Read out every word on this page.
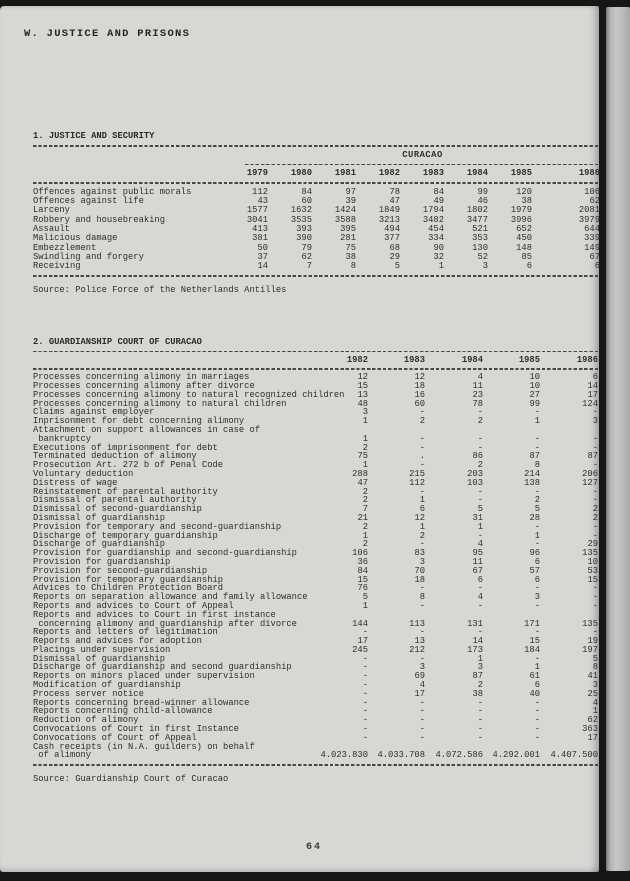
W. JUSTICE AND PRISONS
1. JUSTICE AND SECURITY
CURACAO
1979	1980	1981	1982	1983	1984	1985	1986
Offences against public morals	112	84	97	78	84	99	120	106
Offences against life	43	60	39	47	49	46	38	62
Larceny	1577	1632	1424	1849	1794	1802	1979	2081
Robbery and housebreaking	3041	3535	3588	3213	3482	3477	3996	3979
Assault	413	393	395	494	454	521	652	644
Malicious damage	381	390	281	377	334	353	450	339
Embezzlement	50	79	75	68	90	130	148	149
Swindling and forgery	37	62	38	29	32	52	85	67
Receiving	14	7	8	5	1	3	6	6
Source: Police Force of the Netherlands Antilles
2. GUARDIANSHIP COURT OF CURACAO
1982	1983	1984	1985	1986
Processes concerning alimony in marriages	12	12	4	10	6
Processes concerning alimony after divorce	15	18	11	10	14
Processes concerning alimony to natural recognized children	13	16	23	27	17
Processes concerning alimony to natural children	48	60	78	99	124
Claims against employer	3	-	-	-	-
Inprisonment for debt concerning alimony	1	2	2	1	3
Attachment on support allowances in case of
bankruptcy	1	-	-	-	-
Executions of imprisonment for debt	2	-	-	-	-
Terminated deduction of alimony	75	.	86	87	87
Prosecution Art. 272 b of Penal Code	1	-	2	8	-
Voluntary deduction	288	215	203	214	206
Distress of wage	47	112	103	138	127
Reinstatement of parental authority	2	-	-	-	-
Dismissal of parental authority	2	1	-	2	-
Dismissal of second-guardianship	7	6	5	5	2
Dismissal of guardianship	21	12	31	28	2
Provision for temporary and second-guardianship	2	1	1	-	-
Discharge of temporary guardianship	1	2	-	1	-
Discharge of guardianship	2	-	4	-	29
Provision for guardianship and second-guardianship	106	83	95	96	135
Provision for guardianship	36	3	11	6	10
Provision for second-guardianship	84	70	67	57	53
Provision for temporary guardianship	15	18	6	6	15
Advices to Children Protection Board	76	-	-	-	-
Reports on separation allowance and family allowance	5	8	4	3	-
Reports and advices to Court of Appeal	1	-	-	-	-
Reports and advices to Court in first instance
concerning alimony and guardianship after divorce	144	113	131	171	135
Reports and letters of legitimation	-	-	-	-	-
Reports and advices for adoption	17	13	14	15	19
Placings under supervision	245	212	173	184	197
Dismissal of guardianship	-	-	1	-	5
Discharge of guardianship and second guardianship	-	3	3	1	8
Reports on minors placed under supervision	-	69	87	61	41
Modification of guardianship	-	4	2	6	3
Process server notice	-	17	38	40	25
Reports concerning bread-winner allowance	-	-	-	-	4
Reports concerning child-allowance	-	-	-	-	1
Reduction of alimony	-	-	-	-	62
Convocations of Court in first Instance	-	-	-	-	363
Convocations of Court of Appeal	-	-	-	-	17
Cash receipts (in N.A. guilders) on behalf
of alimony	4.023.830	4.033.708	4.072.586	4.292.001	4.407.500
Source: Guardianship Court of Curacao
64
